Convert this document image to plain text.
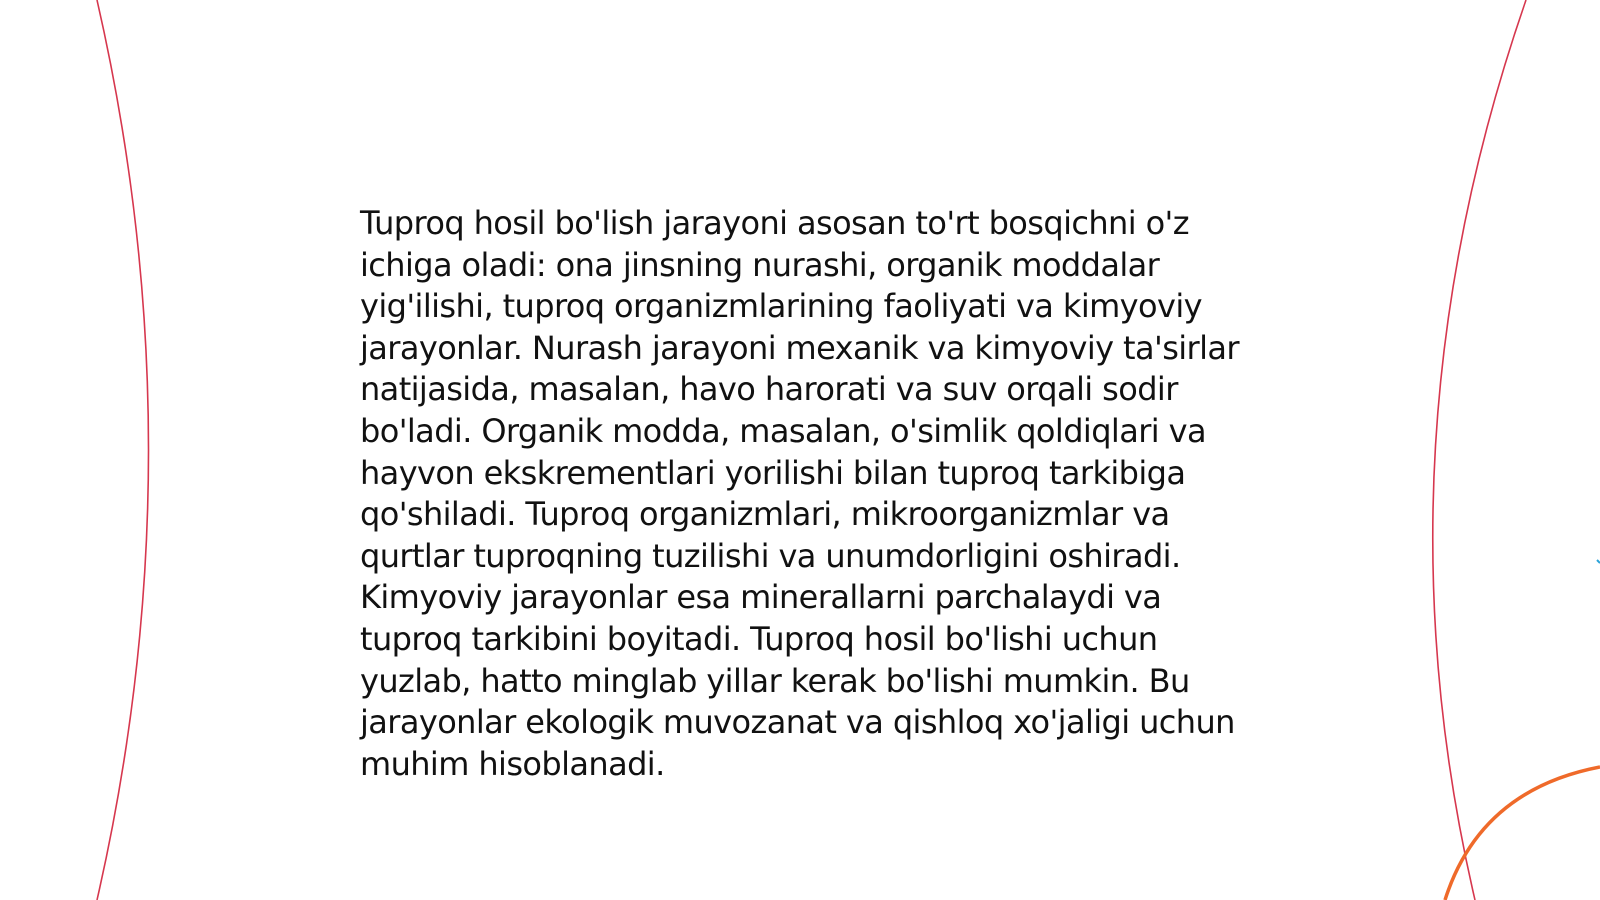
Tuproq hosil bo'lish jarayoni asosan to'rt bosqichni o'z ichiga oladi: ona jinsning nurashi, organik moddalar yig'ilishi, tuproq organizmlarining faoliyati va kimyoviy jarayonlar. Nurash jarayoni mexanik va kimyoviy ta'sirlar natijasida, masalan, havo harorati va suv orqali sodir bo'ladi. Organik modda, masalan, o'simlik qoldiqlari va hayvon ekskrementlari yorilishi bilan tuproq tarkibiga qo'shiladi. Tuproq organizmlari, mikroorganizmlar va qurtlar tuproqning tuzilishi va unumdorligini oshiradi. Kimyoviy jarayonlar esa minerallarni parchalaydi va tuproq tarkibini boyitadi. Tuproq hosil bo'lishi uchun yuzlab, hatto minglab yillar kerak bo'lishi mumkin. Bu jarayonlar ekologik muvozanat va qishloq xo'jaligi uchun muhim hisoblanadi.
